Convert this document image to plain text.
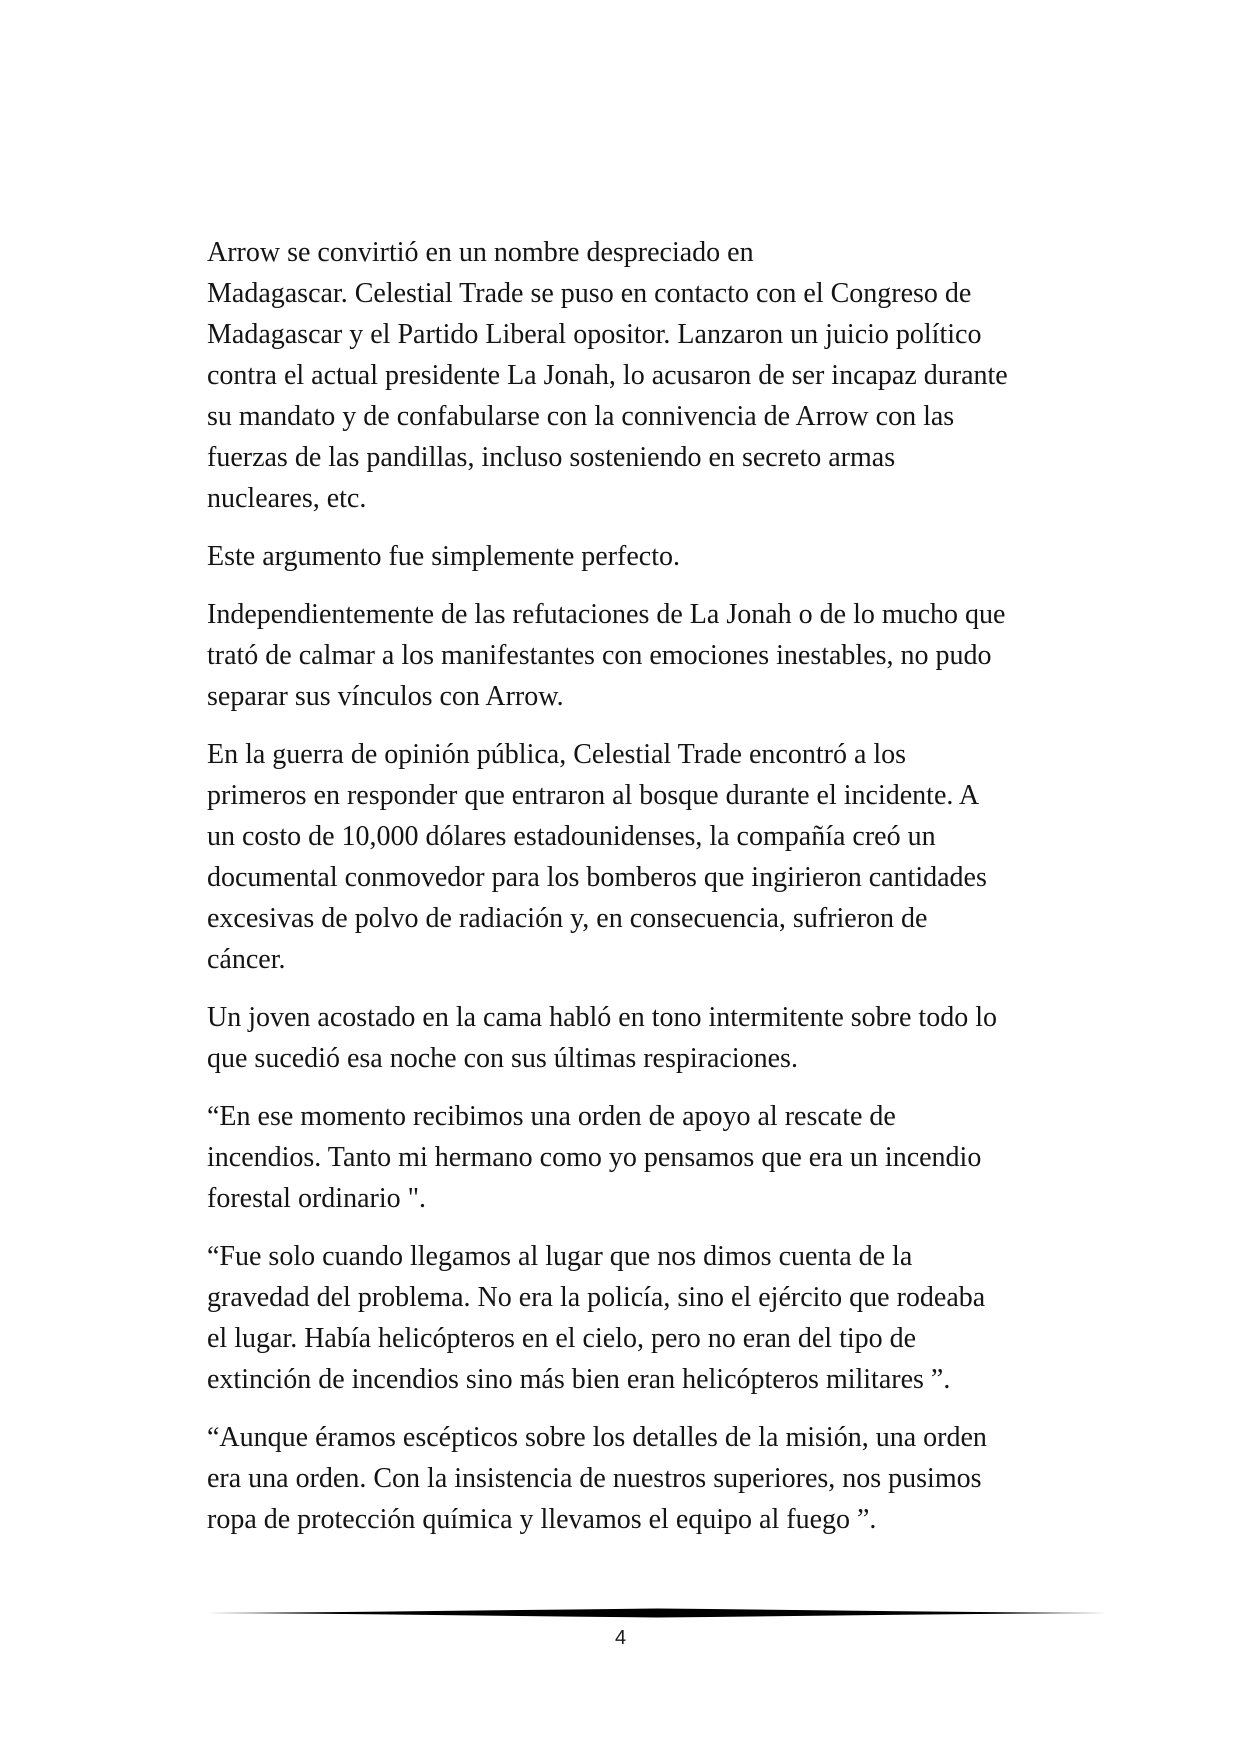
Arrow se convirtió en un nombre despreciado en
Madagascar. Celestial Trade se puso en contacto con el Congreso de
Madagascar y el Partido Liberal opositor. Lanzaron un juicio político
contra el actual presidente La Jonah, lo acusaron de ser incapaz durante
su mandato y de confabularse con la connivencia de Arrow con las
fuerzas de las pandillas, incluso sosteniendo en secreto armas
nucleares, etc.

Este argumento fue simplemente perfecto.

Independientemente de las refutaciones de La Jonah o de lo mucho que
trató de calmar a los manifestantes con emociones inestables, no pudo
separar sus vínculos con Arrow.

En la guerra de opinión pública, Celestial Trade encontró a los
primeros en responder que entraron al bosque durante el incidente. A
un costo de 10,000 dólares estadounidenses, la compañía creó un
documental conmovedor para los bomberos que ingirieron cantidades
excesivas de polvo de radiación y, en consecuencia, sufrieron de
cáncer.

Un joven acostado en la cama habló en tono intermitente sobre todo lo
que sucedió esa noche con sus últimas respiraciones.

“En ese momento recibimos una orden de apoyo al rescate de
incendios. Tanto mi hermano como yo pensamos que era un incendio
forestal ordinario ".

“Fue solo cuando llegamos al lugar que nos dimos cuenta de la
gravedad del problema. No era la policía, sino el ejército que rodeaba
el lugar. Había helicópteros en el cielo, pero no eran del tipo de
extinción de incendios sino más bien eran helicópteros militares ”.

“Aunque éramos escépticos sobre los detalles de la misión, una orden
era una orden. Con la insistencia de nuestros superiores, nos pusimos
ropa de protección química y llevamos el equipo al fuego ”.

4
